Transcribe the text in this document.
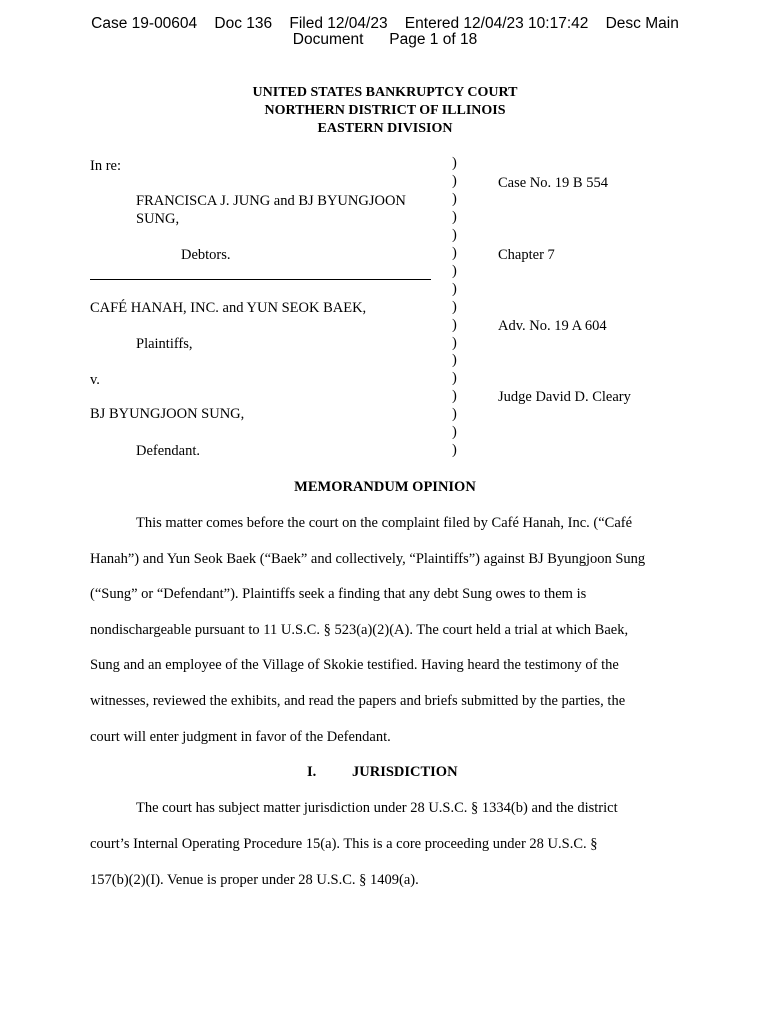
Case 19-00604    Doc 136    Filed 12/04/23    Entered 12/04/23 10:17:42    Desc Main
Document      Page 1 of 18
UNITED STATES BANKRUPTCY COURT
NORTHERN DISTRICT OF ILLINOIS
EASTERN DIVISION
In re:
FRANCISCA J. JUNG and BJ BYUNGJOON
SUNG,
Debtors.
CAFÉ HANAH, INC. and YUN SEOK BAEK,
Plaintiffs,
v.
BJ BYUNGJOON SUNG,
Defendant.
)
)
)
)
)
)
)
)
)
)
)
)
)
)
)
)
)
Case No. 19 B 554
Chapter 7
Adv. No. 19 A 604
Judge David D. Cleary
MEMORANDUM OPINION
This matter comes before the court on the complaint filed by Café Hanah, Inc. (“Café
Hanah”) and Yun Seok Baek (“Baek” and collectively, “Plaintiffs”) against BJ Byungjoon Sung
(“Sung” or “Defendant”). Plaintiffs seek a finding that any debt Sung owes to them is
nondischargeable pursuant to 11 U.S.C. § 523(a)(2)(A). The court held a trial at which Baek,
Sung and an employee of the Village of Skokie testified. Having heard the testimony of the
witnesses, reviewed the exhibits, and read the papers and briefs submitted by the parties, the
court will enter judgment in favor of the Defendant.
I. JURISDICTION
The court has subject matter jurisdiction under 28 U.S.C. § 1334(b) and the district
court’s Internal Operating Procedure 15(a). This is a core proceeding under 28 U.S.C. §
157(b)(2)(I). Venue is proper under 28 U.S.C. § 1409(a).
